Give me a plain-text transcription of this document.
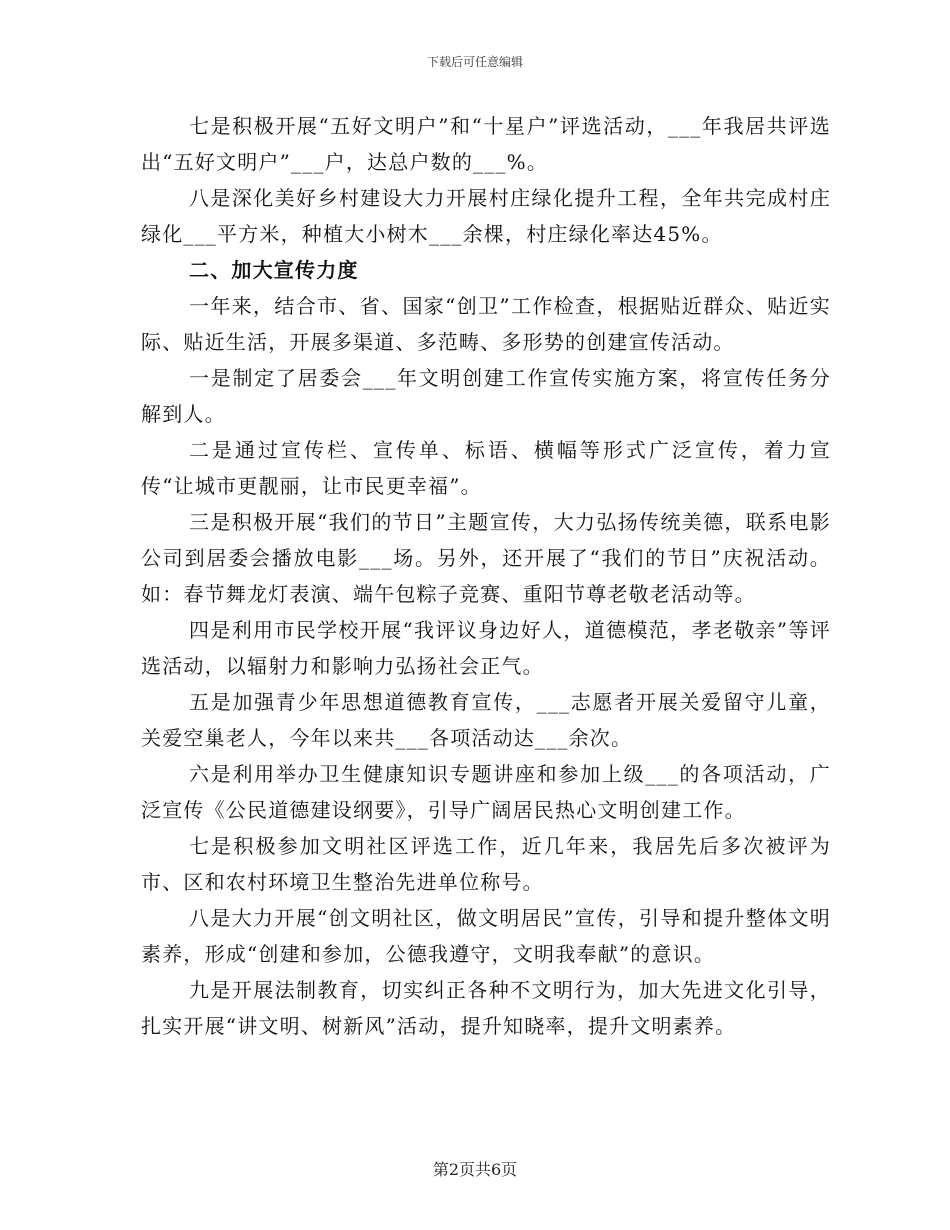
下载后可任意编辑

七是积极开展“五好文明户”和“十星户”评选活动，___年我居共评选出“五好文明户”___户，达总户数的___%。

八是深化美好乡村建设大力开展村庄绿化提升工程，全年共完成村庄绿化___平方米，种植大小树木___余棵，村庄绿化率达45%。

二、加大宣传力度

一年来，结合市、省、国家“创卫”工作检查，根据贴近群众、贴近实际、贴近生活，开展多渠道、多范畴、多形势的创建宣传活动。

一是制定了居委会___年文明创建工作宣传实施方案，将宣传任务分解到人。

二是通过宣传栏、宣传单、标语、横幅等形式广泛宣传，着力宣传“让城市更靓丽，让市民更幸福”。

三是积极开展“我们的节日”主题宣传，大力弘扬传统美德，联系电影公司到居委会播放电影___场。另外，还开展了“我们的节日”庆祝活动。如：春节舞龙灯表演、端午包粽子竞赛、重阳节尊老敬老活动等。

四是利用市民学校开展“我评议身边好人，道德模范，孝老敬亲”等评选活动，以辐射力和影响力弘扬社会正气。

五是加强青少年思想道德教育宣传，___志愿者开展关爱留守儿童，关爱空巢老人，今年以来共___各项活动达___余次。

六是利用举办卫生健康知识专题讲座和参加上级___的各项活动，广泛宣传《公民道德建设纲要》，引导广阔居民热心文明创建工作。

七是积极参加文明社区评选工作，近几年来，我居先后多次被评为市、区和农村环境卫生整治先进单位称号。

八是大力开展“创文明社区，做文明居民”宣传，引导和提升整体文明素养，形成“创建和参加，公德我遵守，文明我奉献”的意识。

九是开展法制教育，切实纠正各种不文明行为，加大先进文化引导，扎实开展“讲文明、树新风”活动，提升知晓率，提升文明素养。

第2页共6页
